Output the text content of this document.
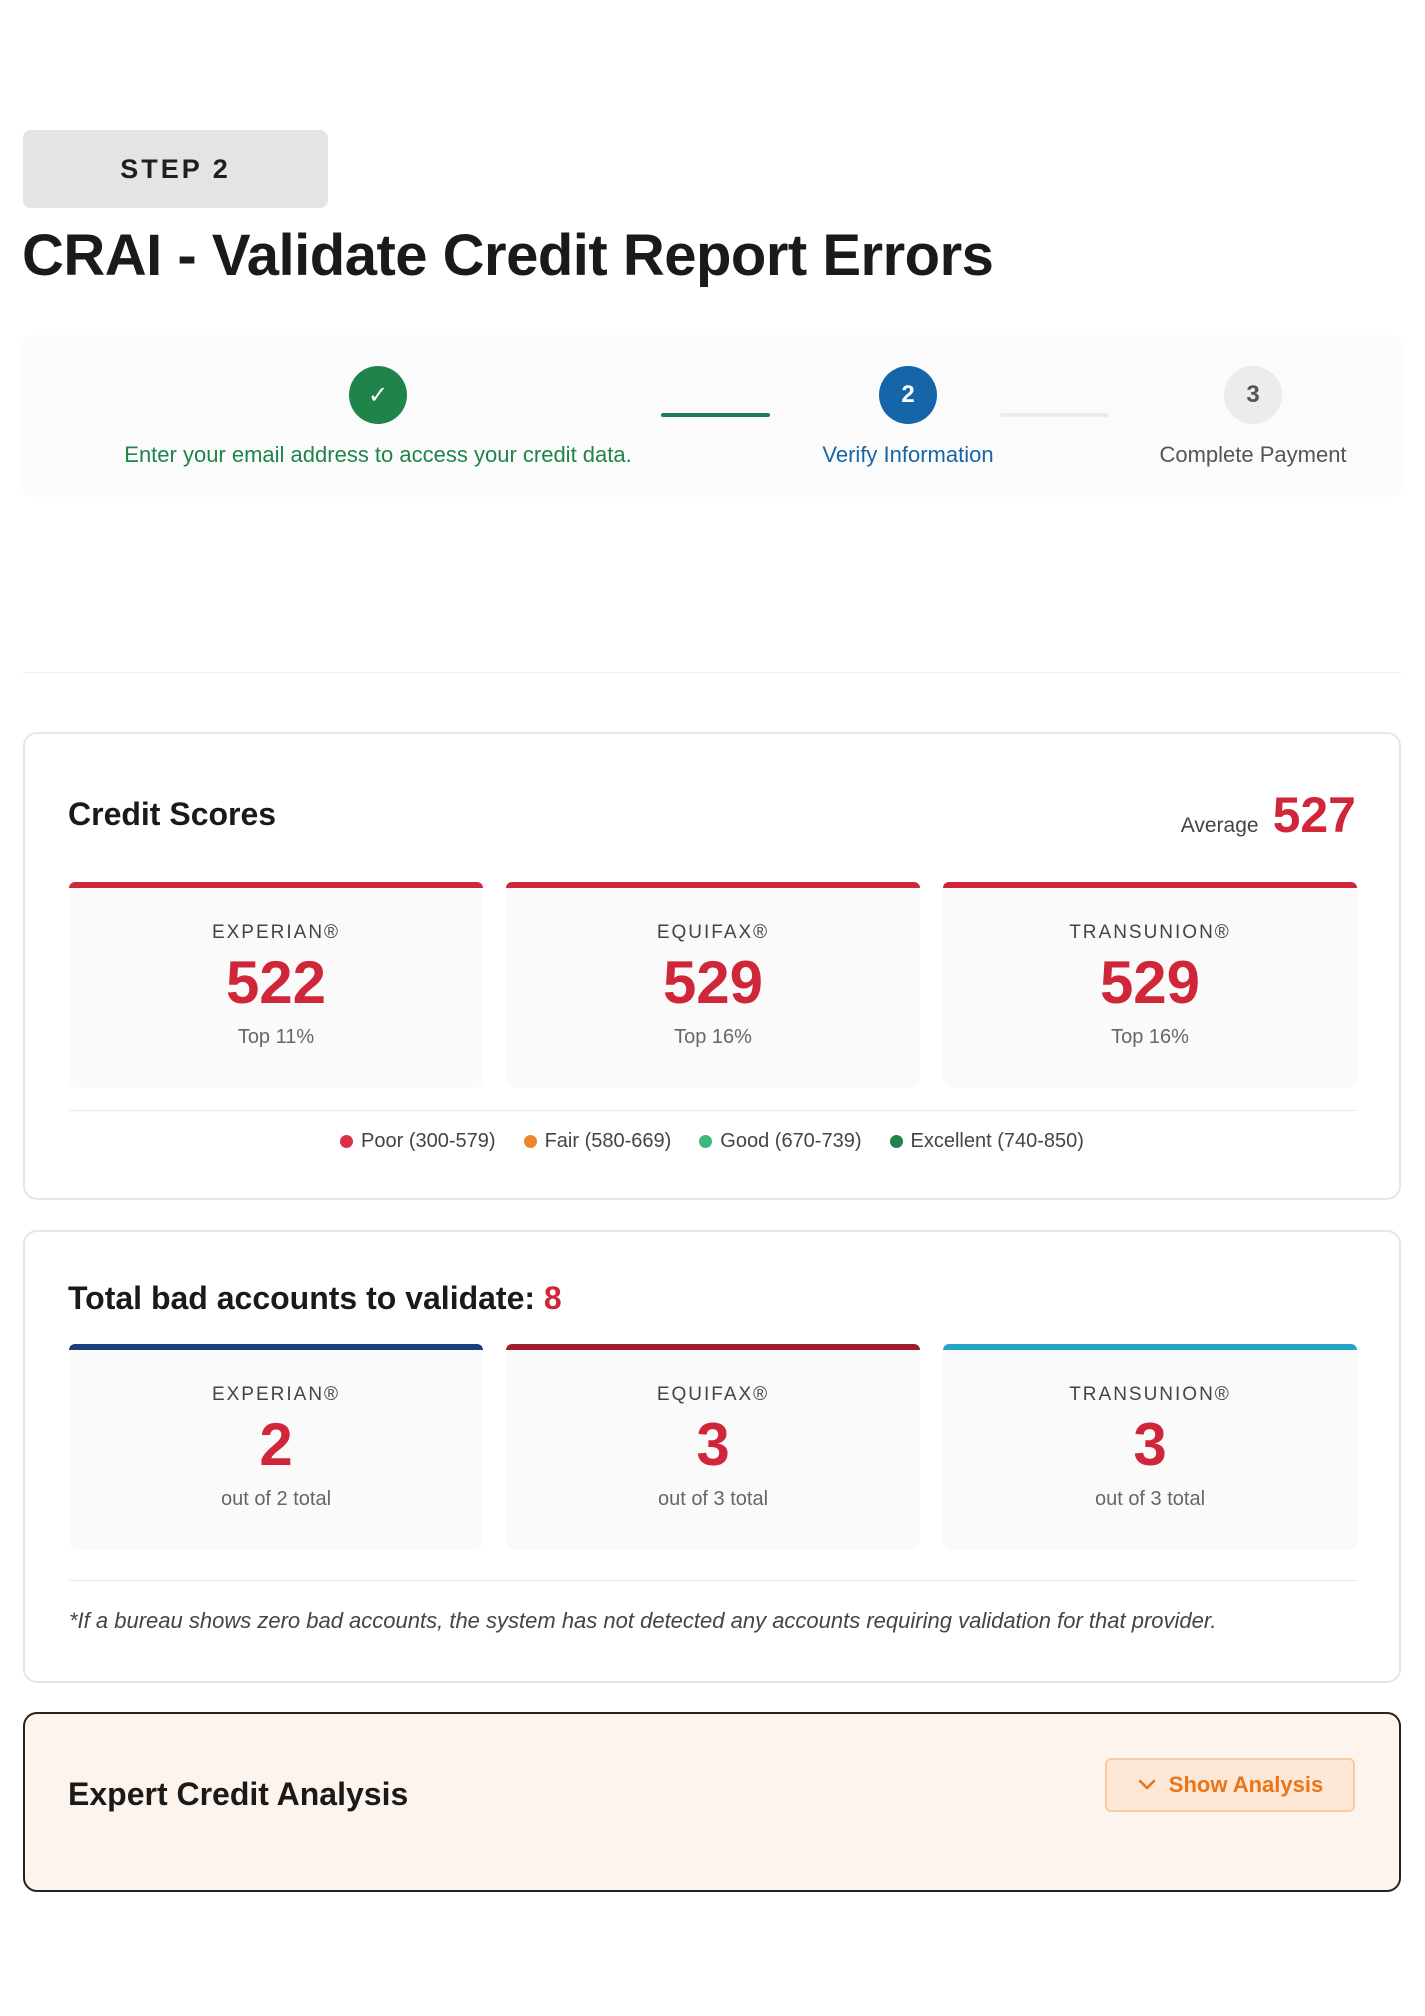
STEP 2
CRAI - Validate Credit Report Errors
✓
Enter your email address to access your credit data.
2
Verify Information
3
Complete Payment
Credit Scores	Average 527
EXPERIAN®
522
Top 11%
EQUIFAX®
529
Top 16%
TRANSUNION®
529
Top 16%
Poor (300-579) Fair (580-669) Good (670-739) Excellent (740-850)
Total bad accounts to validate: 8
EXPERIAN®
2
out of 2 total
EQUIFAX®
3
out of 3 total
TRANSUNION®
3
out of 3 total

*If a bureau shows zero bad accounts, the system has not detected any accounts requiring validation for that provider.

Expert Credit Analysis	Show Analysis
